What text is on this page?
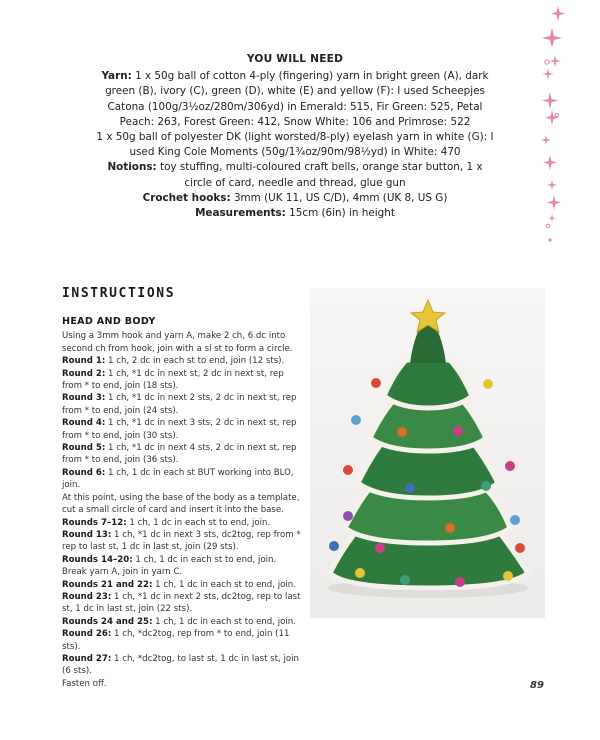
YOU WILL NEED

Yarn: 1 x 50g ball of cotton 4-ply (fingering) yarn in bright green (A), dark green (B), ivory (C), green (D), white (E) and yellow (F): I used Scheepjes Catona (100g/3½oz/280m/306yd) in Emerald: 515, Fir Green: 525, Petal Peach: 263, Forest Green: 412, Snow White: 106 and Primrose: 522

1 x 50g ball of polyester DK (light worsted/8-ply) eyelash yarn in white (G): I used King Cole Moments (50g/1¾oz/90m/98½yd) in White: 470

Notions: toy stuffing, multi-coloured craft bells, orange star button, 1 x circle of card, needle and thread, glue gun

Crochet hooks: 3mm (UK 11, US C/D), 4mm (UK 8, US G)

Measurements: 15cm (6in) in height

INSTRUCTIONS
HEAD AND BODY

Using a 3mm hook and yarn A, make 2 ch, 6 dc into second ch from hook, join with a sl st to form a circle.

Round 1: 1 ch, 2 dc in each st to end, join (12 sts).

Round 2: 1 ch, *1 dc in next st, 2 dc in next st, rep from * to end, join (18 sts).

Round 3: 1 ch, *1 dc in next 2 sts, 2 dc in next st, rep from * to end, join (24 sts).

Round 4: 1 ch, *1 dc in next 3 sts, 2 dc in next st, rep from * to end, join (30 sts).

Round 5: 1 ch, *1 dc in next 4 sts, 2 dc in next st, rep from * to end, join (36 sts).

Round 6: 1 ch, 1 dc in each st BUT working into BLO, join.

At this point, using the base of the body as a template, cut a small circle of card and insert it into the base.

Rounds 7–12: 1 ch, 1 dc in each st to end, join.

Round 13: 1 ch, *1 dc in next 3 sts, dc2tog, rep from * rep to last st, 1 dc in last st, join (29 sts).

Rounds 14–20: 1 ch, 1 dc in each st to end, join.

Break yarn A, join in yarn C.

Rounds 21 and 22: 1 ch, 1 dc in each st to end, join.

Round 23: 1 ch, *1 dc in next 2 sts, dc2tog, rep to last st, 1 dc in last st, join (22 sts).

Rounds 24 and 25: 1 ch, 1 dc in each st to end, join.

Round 26: 1 ch, *dc2tog, rep from * to end, join (11 sts).

Round 27: 1 ch, *dc2tog, to last st, 1 dc in last st, join (6 sts).

Fasten off.	89
